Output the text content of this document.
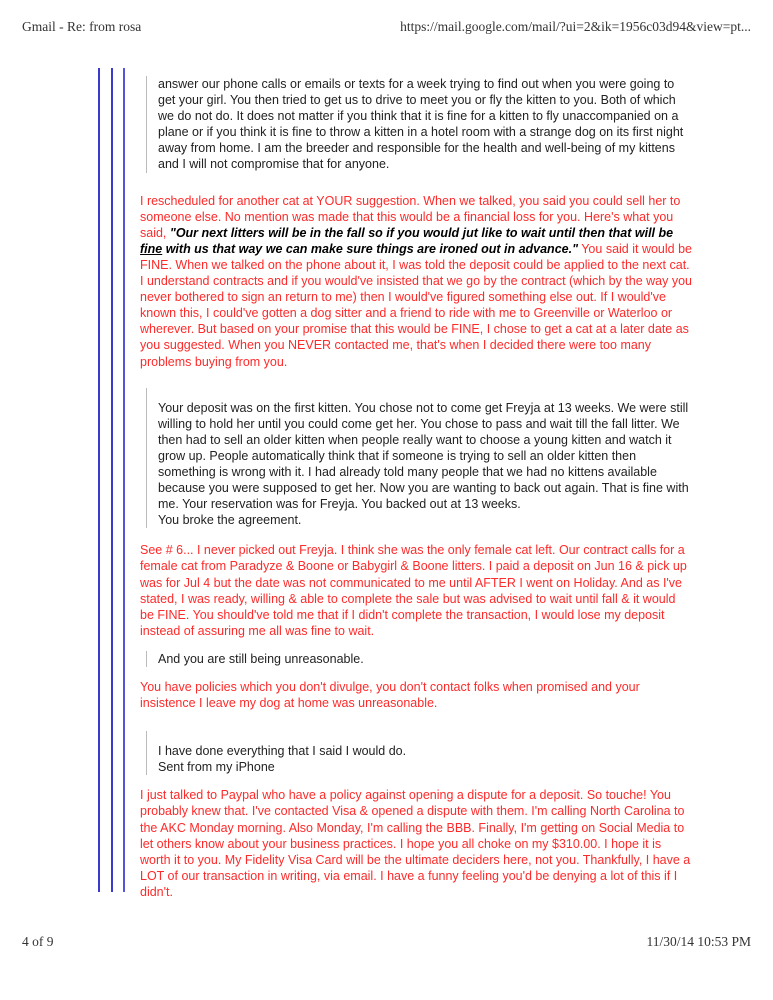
Gmail - Re: from rosa	https://mail.google.com/mail/?ui=2&ik=1956c03d94&view=pt...
answer our phone calls or emails or texts for a week trying to find out when you were going to get your girl. You then tried to get us to drive to meet you or fly the kitten to you. Both of which we do not do. It does not matter if you think that it is fine for a kitten to fly unaccompanied on a plane or if you think it is fine to throw a kitten in a hotel room with a strange dog on its first night away from home. I am the breeder and responsible for the health and well-being of my kittens and I will not compromise that for anyone.
I rescheduled for another cat at YOUR suggestion. When we talked, you said you could sell her to someone else. No mention was made that this would be a financial loss for you. Here's what you said, "Our next litters will be in the fall so if you would jut like to wait until then that will be fine with us that way we can make sure things are ironed out in advance." You said it would be FINE. When we talked on the phone about it, I was told the deposit could be applied to the next cat. I understand contracts and if you would've insisted that we go by the contract (which by the way you never bothered to sign an return to me) then I would've figured something else out. If I would've known this, I could've gotten a dog sitter and a friend to ride with me to Greenville or Waterloo or wherever. But based on your promise that this would be FINE, I chose to get a cat at a later date as you suggested. When you NEVER contacted me, that's when I decided there were too many problems buying from you.
Your deposit was on the first kitten. You chose not to come get Freyja at 13 weeks. We were still willing to hold her until you could come get her. You chose to pass and wait till the fall litter. We then had to sell an older kitten when people really want to choose a young kitten and watch it grow up. People automatically think that if someone is trying to sell an older kitten then something is wrong with it. I had already told many people that we had no kittens available because you were supposed to get her. Now you are wanting to back out again. That is fine with me. Your reservation was for Freyja. You backed out at 13 weeks.
You broke the agreement.
See # 6... I never picked out Freyja. I think she was the only female cat left. Our contract calls for a female cat from Paradyze & Boone or Babygirl & Boone litters. I paid a deposit on Jun 16 & pick up was for Jul 4 but the date was not communicated to me until AFTER I went on Holiday. And as I've stated, I was ready, willing & able to complete the sale but was advised to wait until fall & it would be FINE. You should've told me that if I didn't complete the transaction, I would lose my deposit instead of assuring me all was fine to wait.
And you are still being unreasonable.
You have policies which you don't divulge, you don't contact folks when promised and your insistence I leave my dog at home was unreasonable.
I have done everything that I said I would do.
Sent from my iPhone
I just talked to Paypal who have a policy against opening a dispute for a deposit. So touche! You probably knew that. I've contacted Visa & opened a dispute with them. I'm calling North Carolina to the AKC Monday morning. Also Monday, I'm calling the BBB. Finally, I'm getting on Social Media to let others know about your business practices. I hope you all choke on my $310.00. I hope it is worth it to you. My Fidelity Visa Card will be the ultimate deciders here, not you. Thankfully, I have a LOT of our transaction in writing, via email. I have a funny feeling you'd be denying a lot of this if I didn't.
4 of 9	11/30/14 10:53 PM
